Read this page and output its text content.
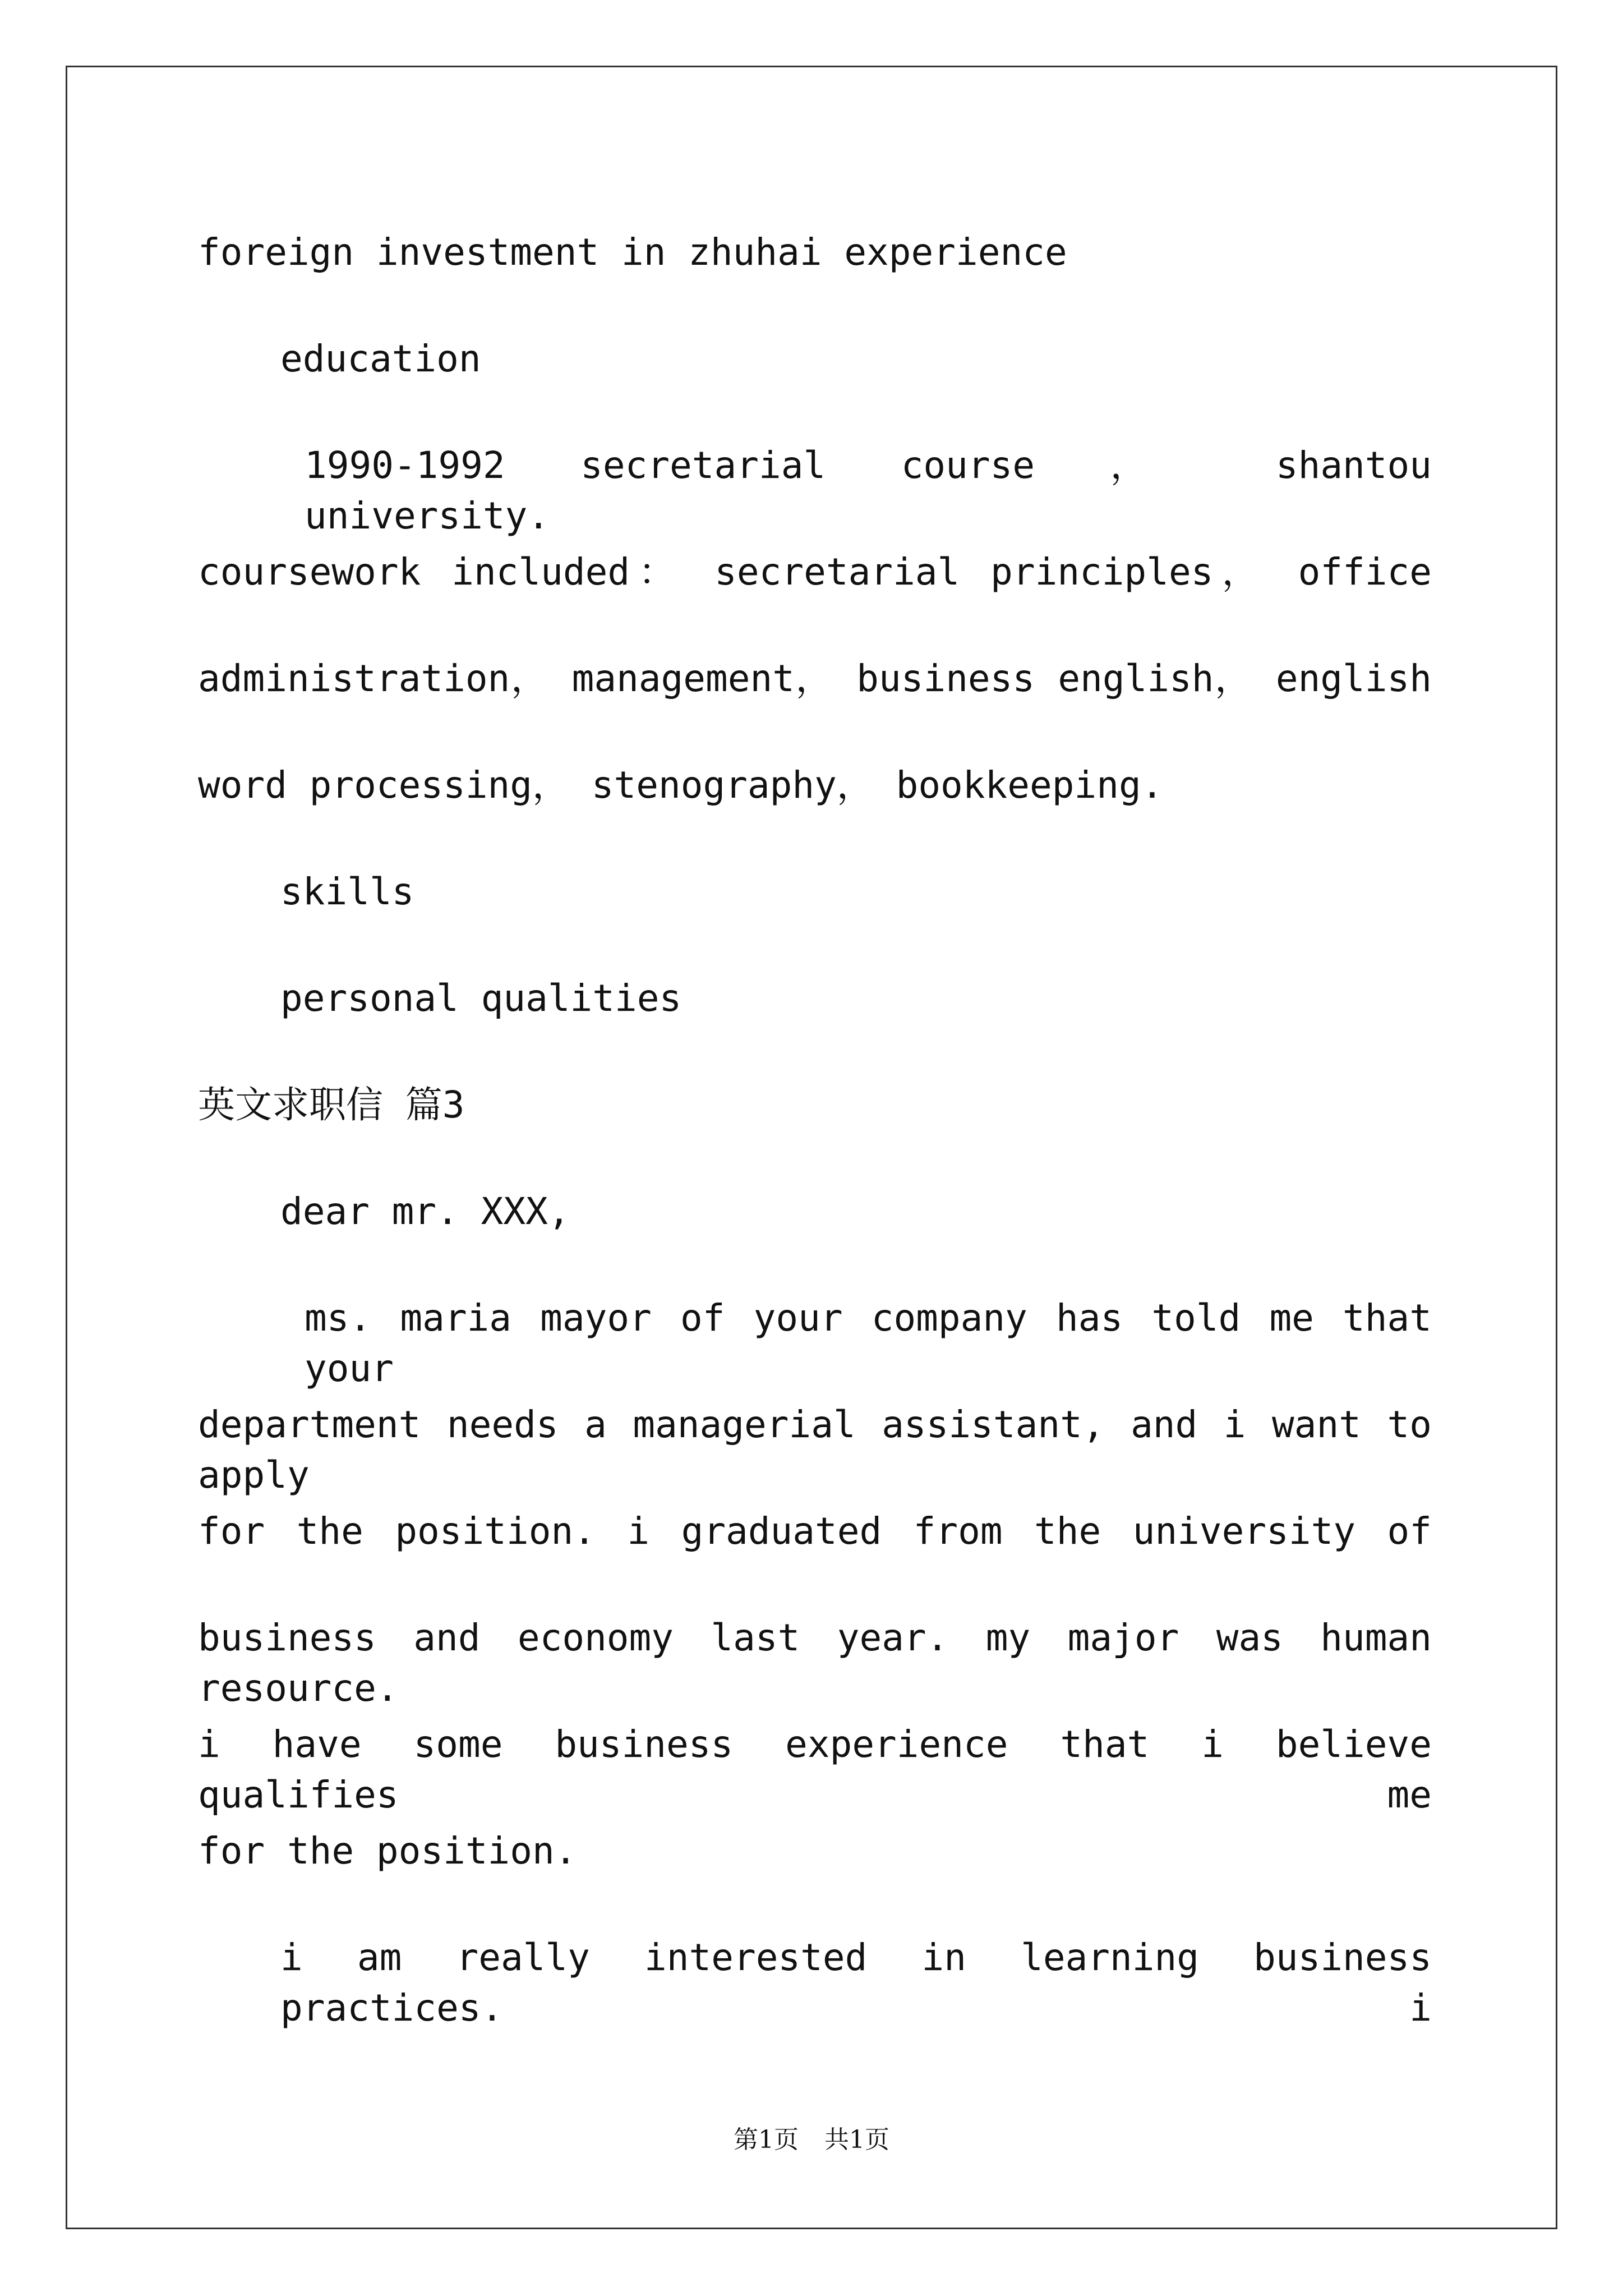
foreign investment in zhuhai experience

education

1990-1992 secretarial course ， shantou university.

coursework included： secretarial principles， office

administration， management， business english， english

word processing， stenography， bookkeeping.

skills

personal qualities

英文求职信 篇3

dear mr. XXX,

ms. maria mayor of your company has told me that your

department needs a managerial assistant, and i want to apply

for the position. i graduated from the university of

business and economy last year. my major was human resource.

i have some business experience that i believe qualifies me

for the position.

i am really interested in learning business practices. i

第1页 共1页
